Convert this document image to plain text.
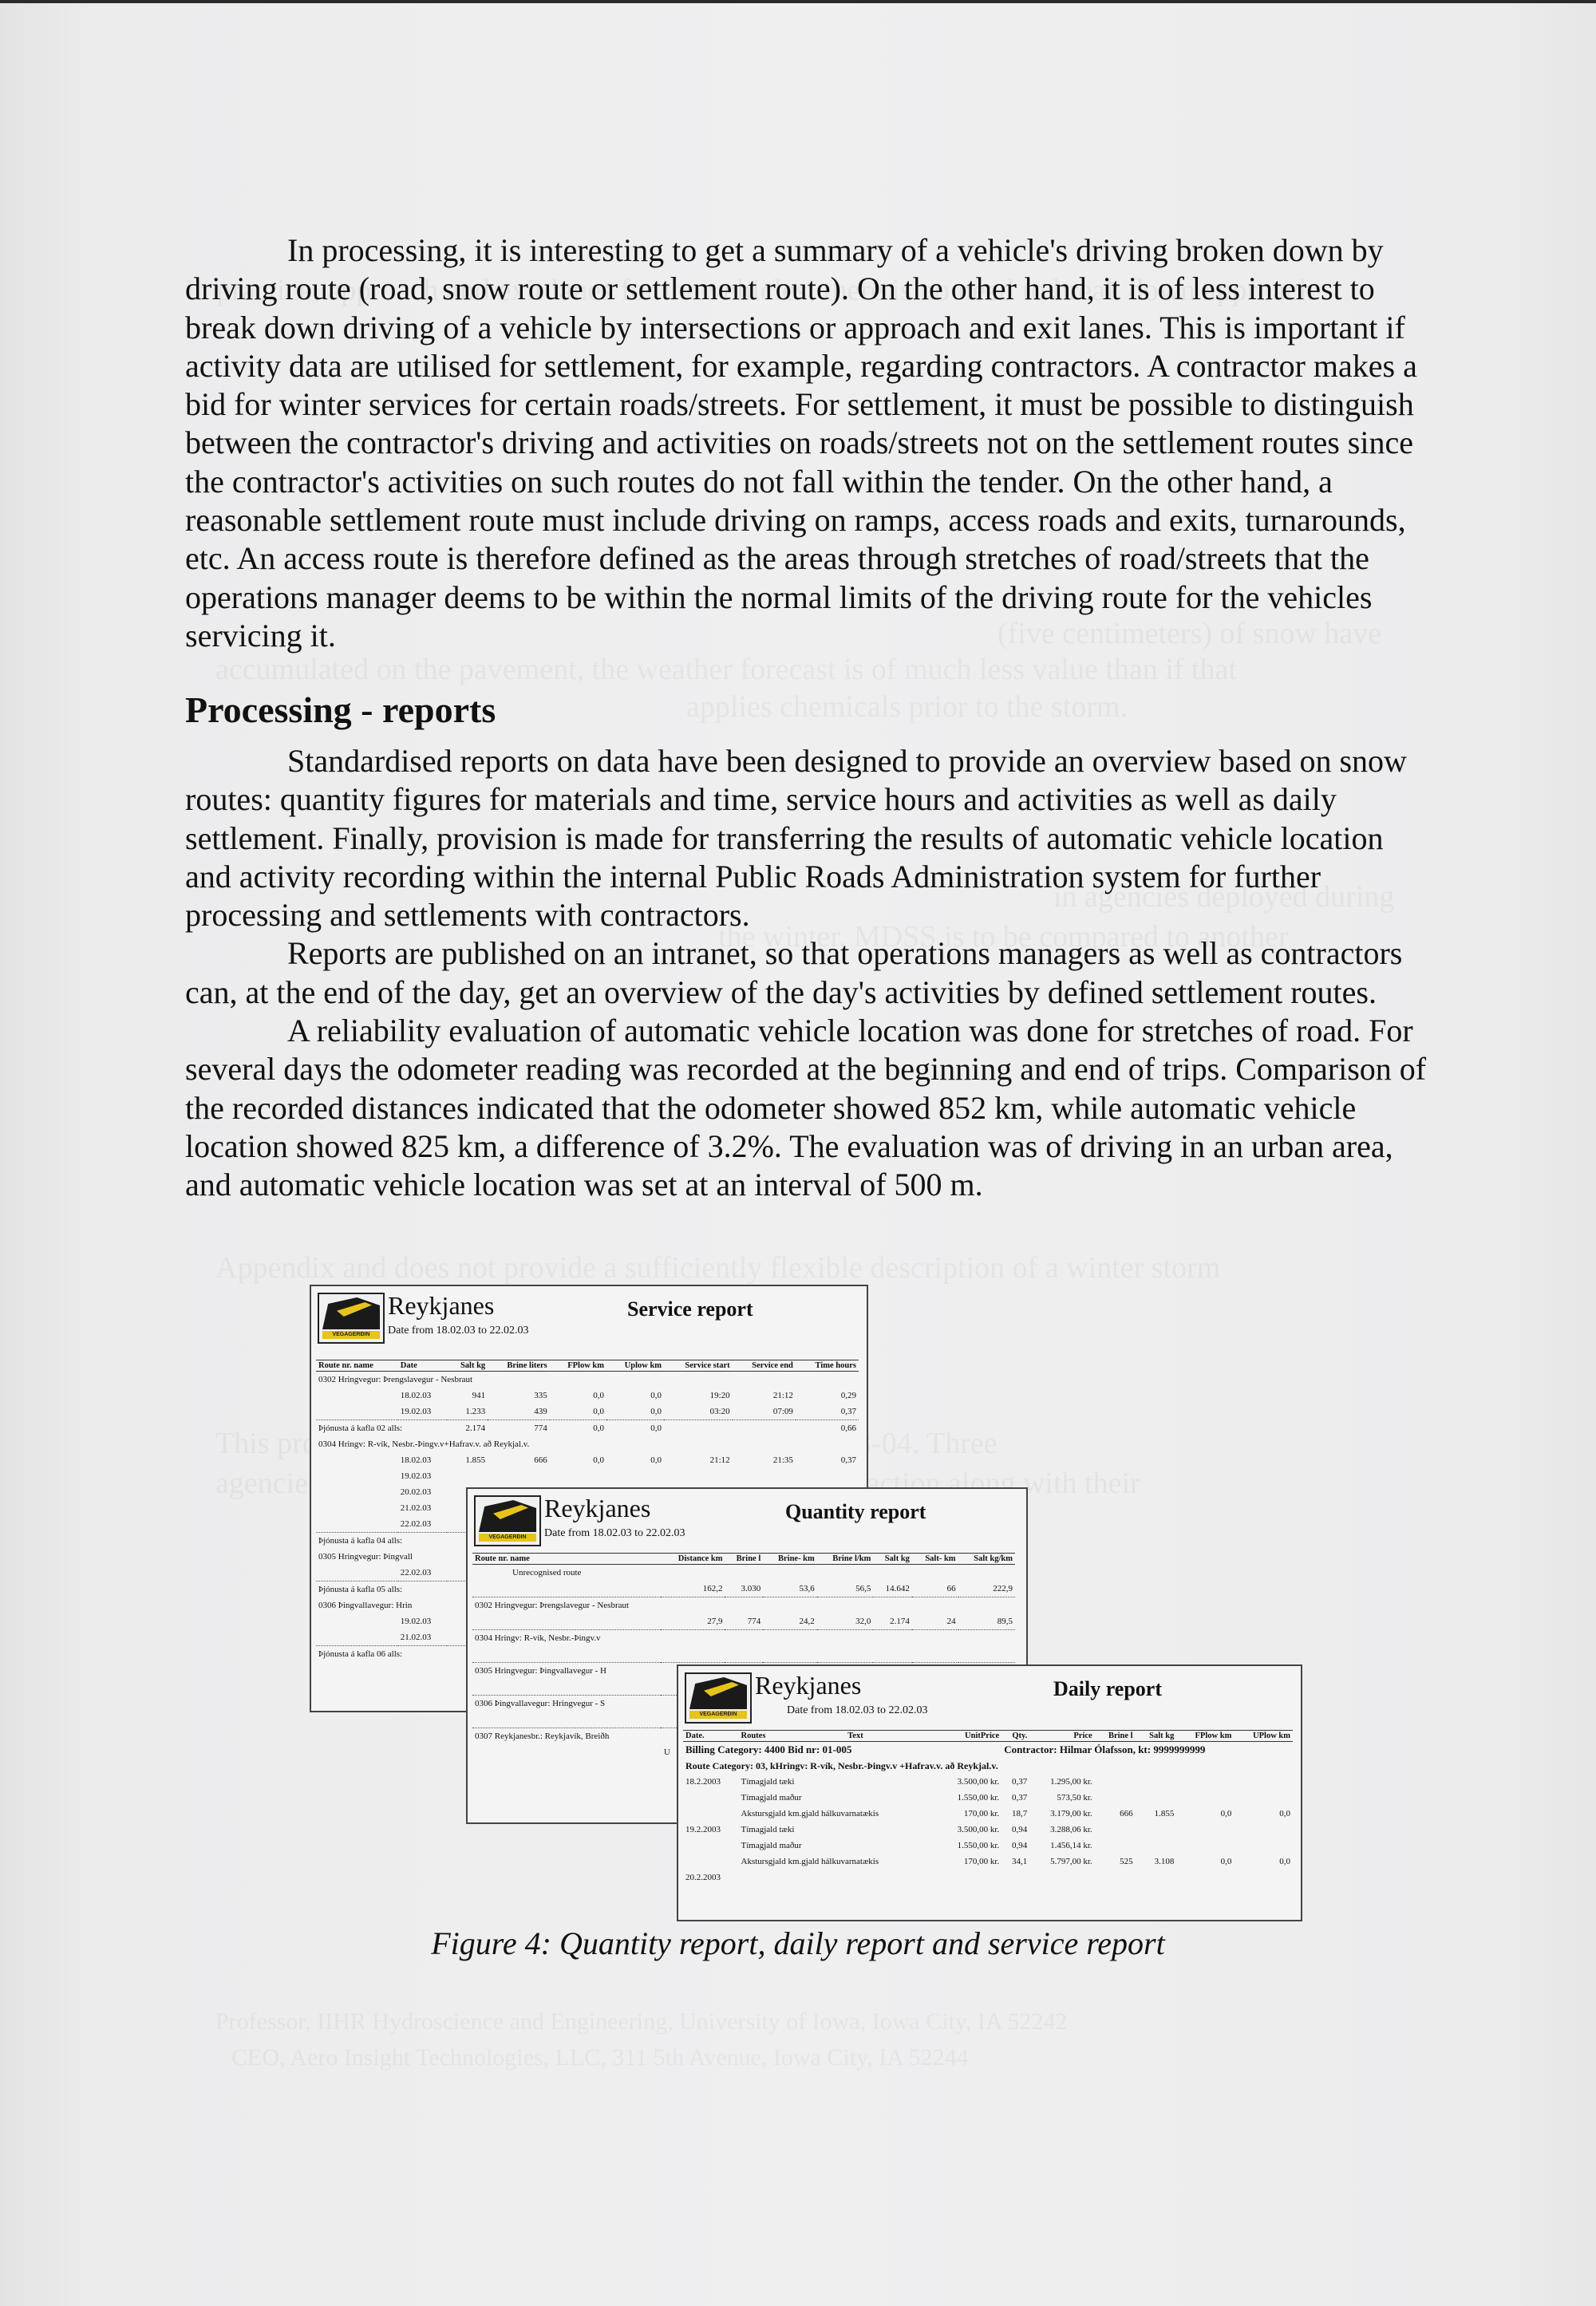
In processing, it is interesting to get a summary of a vehicle's driving broken down by driving route (road, snow route or settlement route). On the other hand, it is of less interest to break down driving of a vehicle by intersections or approach and exit lanes. This is important if activity data are utilised for settlement, for example, regarding contractors. A contractor makes a bid for winter services for certain roads/streets. For settlement, it must be possible to distinguish between the contractor's driving and activities on roads/streets not on the settlement routes since the contractor's activities on such routes do not fall within the tender. On the other hand, a reasonable settlement route must include driving on ramps, access roads and exits, turnarounds, etc. An access route is therefore defined as the areas through stretches of road/streets that the operations manager deems to be within the normal limits of the driving route for the vehicles servicing it.

Processing - reports

Standardised reports on data have been designed to provide an overview based on snow routes: quantity figures for materials and time, service hours and activities as well as daily settlement. Finally, provision is made for transferring the results of automatic vehicle location and activity recording within the internal Public Roads Administration system for further processing and settlements with contractors.

Reports are published on an intranet, so that operations managers as well as contractors can, at the end of the day, get an overview of the day's activities by defined settlement routes.

A reliability evaluation of automatic vehicle location was done for stretches of road. For several days the odometer reading was recorded at the beginning and end of trips. Comparison of the recorded distances indicated that the odometer showed 852 km, while automatic vehicle location showed 825 km, a difference of 3.2%. The evaluation was of driving in an urban area, and automatic vehicle location was set at an interval of 500 m.

VEGAGERÐIN
Reykjanes	Service report
Date from 18.02.03 to 22.02.03
Route nr. name	Date	Salt kg	Brine liters	FPlow km	Uplow km	Service start	Service end	Time hours
0302 Hringvegur: Þrengslavegur - Nesbraut								
	18.02.03	941	335	0,0	0,0	19:20	21:12	0,29
	19.02.03	1.233	439	0,0	0,0	03:20	07:09	0,37
Þjónusta á kafla 02 alls:		2.174	774	0,0	0,0			0,66
0304 Hringv: R-vík, Nesbr.-Þingv.v+Hafrav.v. að Reykjal.v.								
	18.02.03	1.855	666	0,0	0,0	21:12	21:35	0,37
	19.02.03							
	20.02.03							
	21.02.03							
	22.02.03							
Þjónusta á kafla 04 alls:								
0305 Hringvegur: Þingvall								
	22.02.03							
Þjónusta á kafla 05 alls:								
0306 Þingvallavegur: Hrin								
	19.02.03							
	21.02.03							
Þjónusta á kafla 06 alls:								
VEGAGERÐIN
Reykjanes	Quantity report
Date from 18.02.03 to 22.02.03
Route nr. name	Distance km	Brine l	Brine- km	Brine l/km	Salt kg	Salt- km	Salt kg/km
Unrecognised route							
	162,2	3.030	53,6	56,5	14.642	66	222,9
0302 Hringvegur: Þrengslavegur - Nesbraut							
	27,9	774	24,2	32,0	2.174	24	89,5
0304 Hringv: R-vík, Nesbr.-Þingv.v							

0305 Hringvegur: Þingvallavegur - H							

0306 Þingvallavegur: Hringvegur - S							

0307 Reykjanesbr.: Reykjavík, Breiðh							
U							
VEGAGERÐIN
Reykjanes	Daily report
Date from 18.02.03 to 22.02.03
Date.	Routes	Text	UnitPrice	Qty.	Price	Brine l	Salt kg	FPlow km	UPlow km
Billing Category: 4400 Bid nr: 01-005				Contractor: Hilmar Ólafsson, kt: 9999999999					
Route Category: 03, kHringv: R-vík, Nesbr.-Þingv.v +Hafrav.v. að Reykjal.v.									
18.2.2003	Tímagjald tæki		3.500,00 kr.	0,37	1.295,00 kr.				
	Tímagjald maður		1.550,00 kr.	0,37	573,50 kr.				
	Akstursgjald km.gjald hálkuvarnatækis		170,00 kr.	18,7	3.179,00 kr.	666	1.855	0,0	0,0
19.2.2003	Tímagjald tæki		3.500,00 kr.	0,94	3.288,06 kr.				
	Tímagjald maður		1.550,00 kr.	0,94	1.456,14 kr.				
	Akstursgjald km.gjald hálkuvarnatækis		170,00 kr.	34,1	5.797,00 kr.	525	3.108	0,0	0,0
20.2.2003									
Figure 4: Quantity report, daily report and service report
